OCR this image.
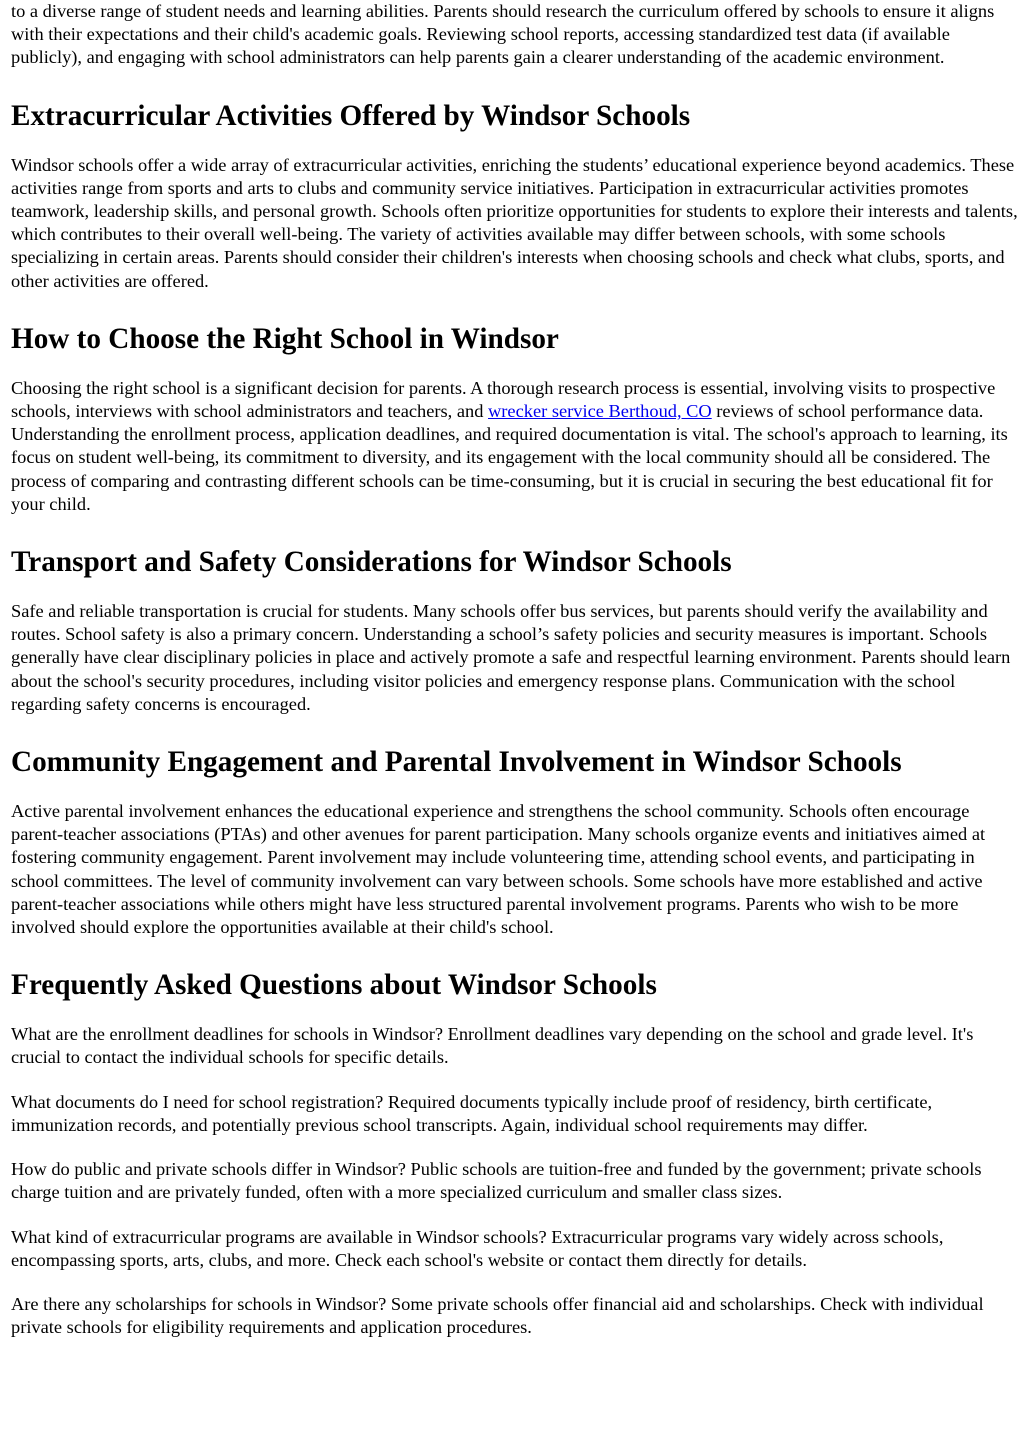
to a diverse range of student needs and learning abilities. Parents should research the curriculum offered by schools to ensure it aligns with their expectations and their child's academic goals. Reviewing school reports, accessing standardized test data (if available publicly), and engaging with school administrators can help parents gain a clearer understanding of the academic environment.

Extracurricular Activities Offered by Windsor Schools

Windsor schools offer a wide array of extracurricular activities, enriching the students’ educational experience beyond academics. These activities range from sports and arts to clubs and community service initiatives. Participation in extracurricular activities promotes teamwork, leadership skills, and personal growth. Schools often prioritize opportunities for students to explore their interests and talents, which contributes to their overall well-being. The variety of activities available may differ between schools, with some schools specializing in certain areas. Parents should consider their children's interests when choosing schools and check what clubs, sports, and other activities are offered.

How to Choose the Right School in Windsor

Choosing the right school is a significant decision for parents. A thorough research process is essential, involving visits to prospective schools, interviews with school administrators and teachers, and wrecker service Berthoud, CO reviews of school performance data. Understanding the enrollment process, application deadlines, and required documentation is vital. The school's approach to learning, its focus on student well-being, its commitment to diversity, and its engagement with the local community should all be considered. The process of comparing and contrasting different schools can be time-consuming, but it is crucial in securing the best educational fit for your child.

Transport and Safety Considerations for Windsor Schools

Safe and reliable transportation is crucial for students. Many schools offer bus services, but parents should verify the availability and routes. School safety is also a primary concern. Understanding a school’s safety policies and security measures is important. Schools generally have clear disciplinary policies in place and actively promote a safe and respectful learning environment. Parents should learn about the school's security procedures, including visitor policies and emergency response plans. Communication with the school regarding safety concerns is encouraged.

Community Engagement and Parental Involvement in Windsor Schools

Active parental involvement enhances the educational experience and strengthens the school community. Schools often encourage parent-teacher associations (PTAs) and other avenues for parent participation. Many schools organize events and initiatives aimed at fostering community engagement. Parent involvement may include volunteering time, attending school events, and participating in school committees. The level of community involvement can vary between schools. Some schools have more established and active parent-teacher associations while others might have less structured parental involvement programs. Parents who wish to be more involved should explore the opportunities available at their child's school.

Frequently Asked Questions about Windsor Schools

What are the enrollment deadlines for schools in Windsor? Enrollment deadlines vary depending on the school and grade level. It's crucial to contact the individual schools for specific details.

What documents do I need for school registration? Required documents typically include proof of residency, birth certificate, immunization records, and potentially previous school transcripts. Again, individual school requirements may differ.

How do public and private schools differ in Windsor? Public schools are tuition-free and funded by the government; private schools charge tuition and are privately funded, often with a more specialized curriculum and smaller class sizes.

What kind of extracurricular programs are available in Windsor schools? Extracurricular programs vary widely across schools, encompassing sports, arts, clubs, and more. Check each school's website or contact them directly for details.

Are there any scholarships for schools in Windsor? Some private schools offer financial aid and scholarships. Check with individual private schools for eligibility requirements and application procedures.
